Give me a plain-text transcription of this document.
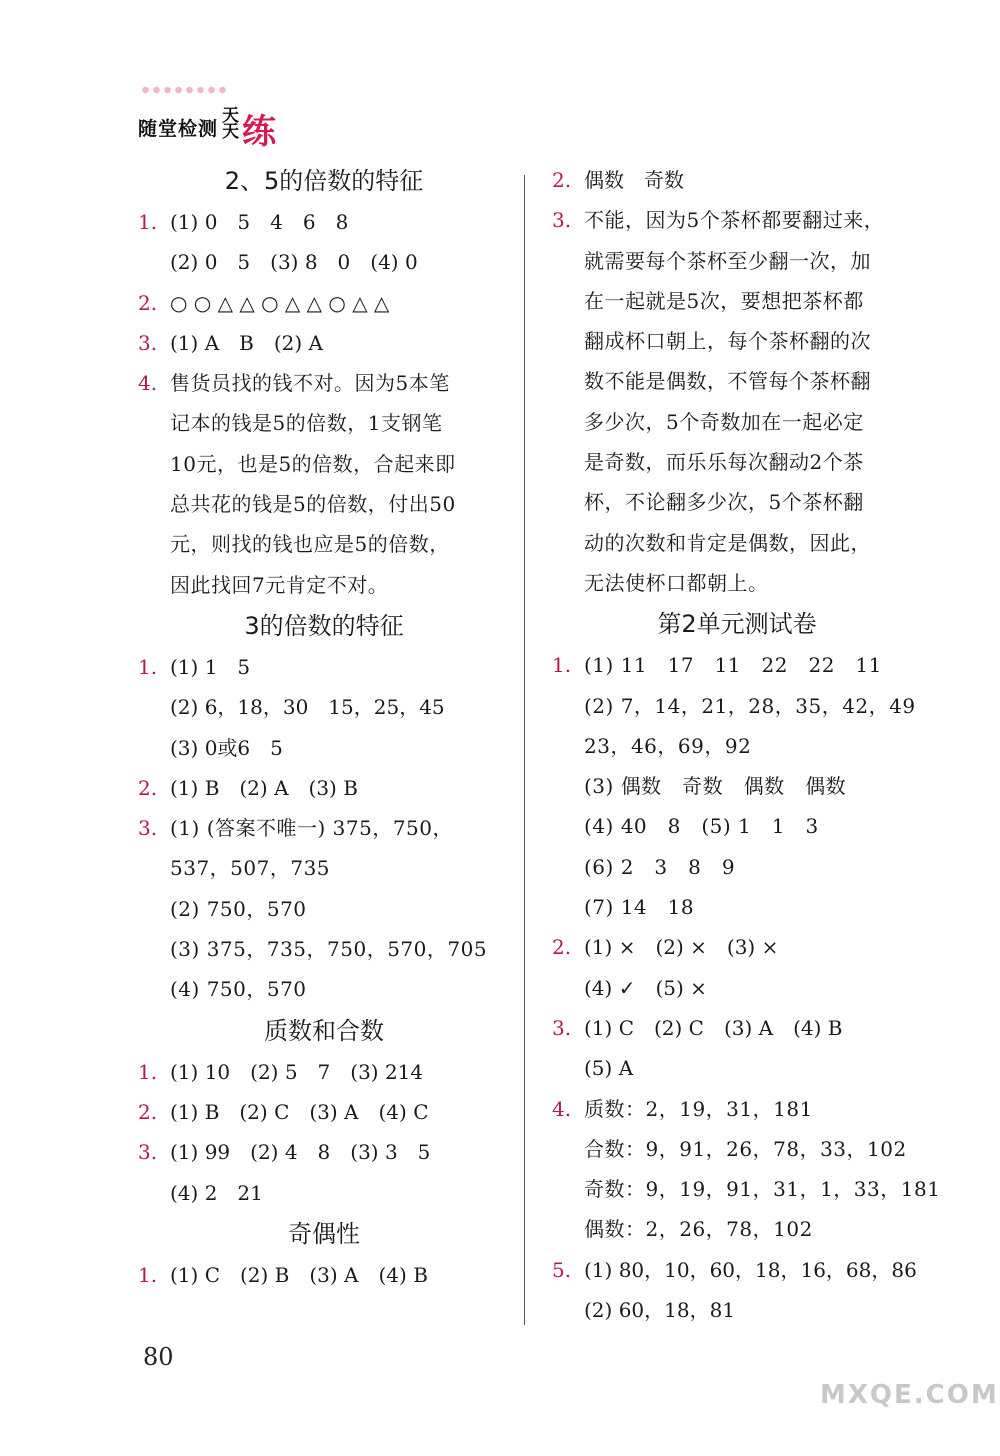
随堂检测
天天 练
2、5的倍数的特征
1. (1) 0　5　4　6　8
(2) 0　5　(3) 8　0　(4) 0
2. ○ ○ △ △ ○ △ △ ○ △ △
3. (1) A　B　(2) A
4. 售货员找的钱不对。因为5本笔
记本的钱是5的倍数，1支钢笔
10元，也是5的倍数，合起来即
总共花的钱是5的倍数，付出50
元，则找的钱也应是5的倍数，
因此找回7元肯定不对。
3的倍数的特征
1. (1) 1　5
(2) 6，18，30　15，25，45
(3) 0或6　5
2. (1) B　(2) A　(3) B
3. (1) (答案不唯一) 375，750，
537，507，735
(2) 750，570
(3) 375，735，750，570，705
(4) 750，570
质数和合数
1. (1) 10　(2) 5　7　(3) 214
2. (1) B　(2) C　(3) A　(4) C
3. (1) 99　(2) 4　8　(3) 3　5
(4) 2　21
奇偶性
1. (1) C　(2) B　(3) A　(4) B
2. 偶数　奇数
3. 不能，因为5个茶杯都要翻过来，
就需要每个茶杯至少翻一次，加
在一起就是5次，要想把茶杯都
翻成杯口朝上，每个茶杯翻的次
数不能是偶数，不管每个茶杯翻
多少次，5个奇数加在一起必定
是奇数，而乐乐每次翻动2个茶
杯，不论翻多少次，5个茶杯翻
动的次数和肯定是偶数，因此，
无法使杯口都朝上。
第2单元测试卷
1. (1) 11　17　11　22　22　11
(2) 7，14，21，28，35，42，49
23，46，69，92
(3) 偶数　奇数　偶数　偶数
(4) 40　8　(5) 1　1　3
(6) 2　3　8　9
(7) 14　18
2. (1) ×　(2) ×　(3) ×
(4) ✓　(5) ×
3. (1) C　(2) C　(3) A　(4) B
(5) A
4. 质数：2，19，31，181
合数：9，91，26，78，33，102
奇数：9，19，91，31，1，33，181
偶数：2，26，78，102
5. (1) 80，10，60，18，16，68，86
(2) 60，18，81
80
MXQE.COM
